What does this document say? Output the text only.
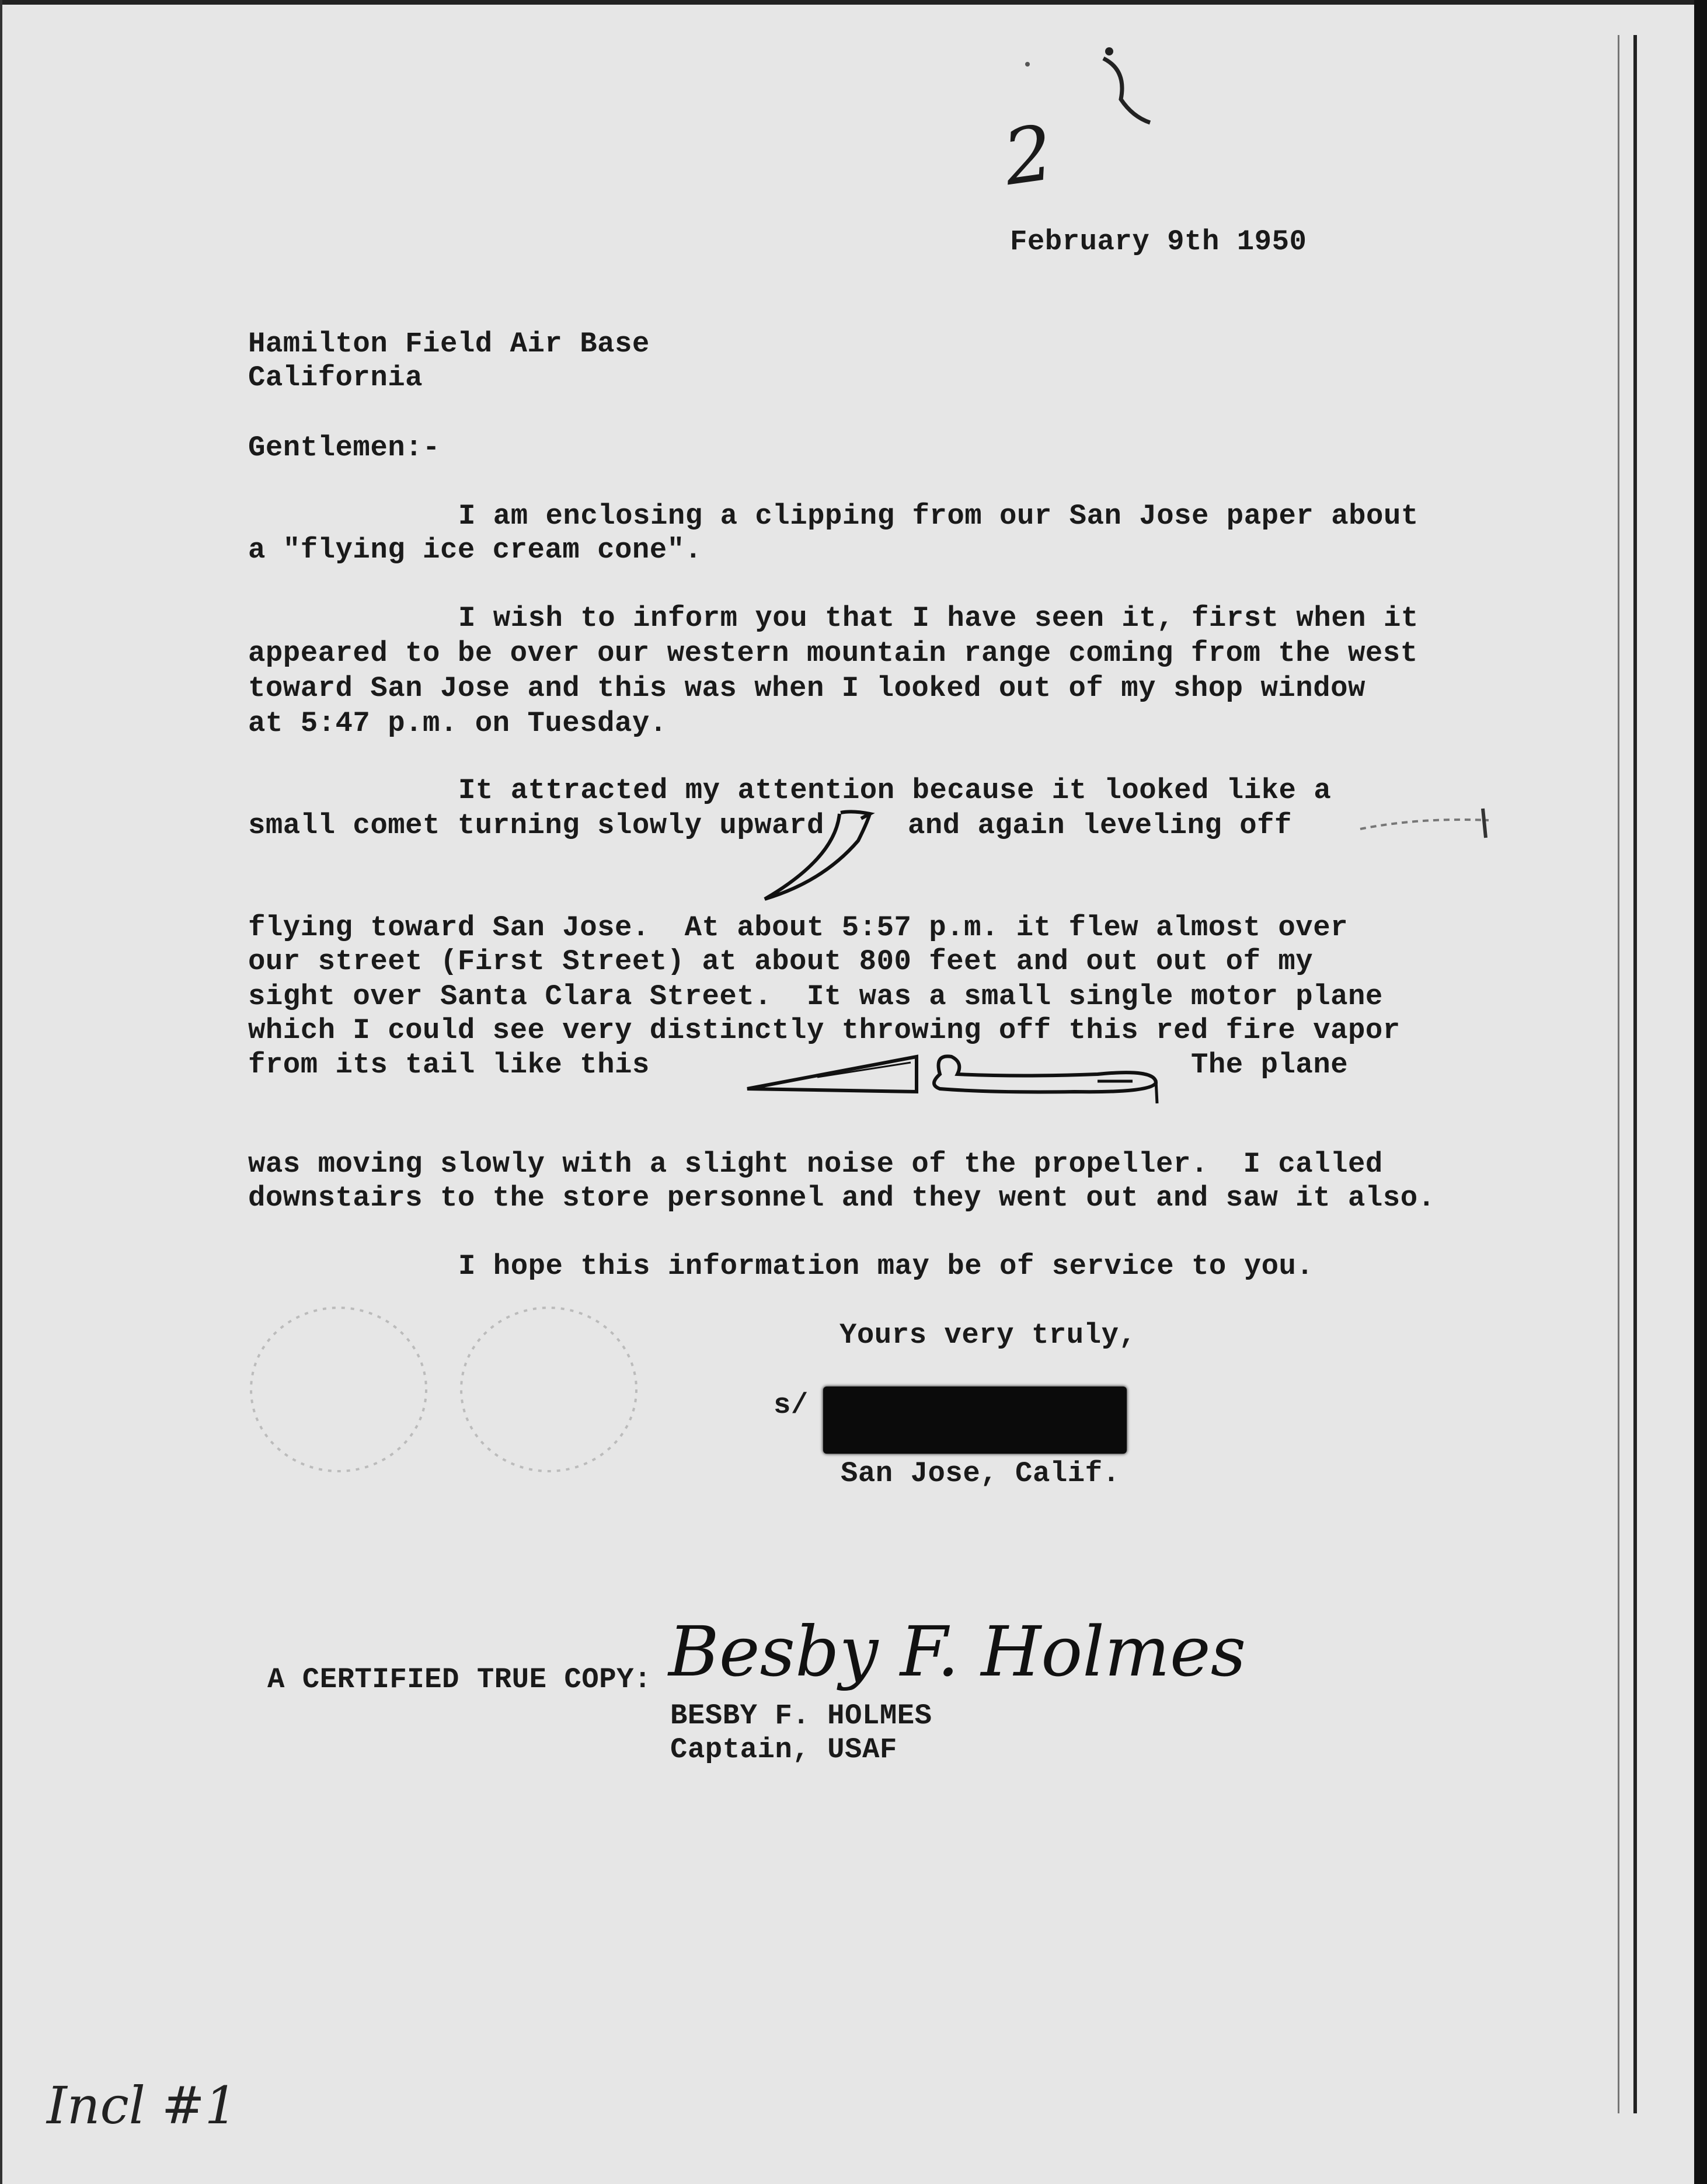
2
February 9th 1950
Hamilton Field Air Base
California
Gentlemen:-
I am enclosing a clipping from our San Jose paper about
a "flying ice cream cone".
I wish to inform you that I have seen it, first when it
appeared to be over our western mountain range coming from the west
toward San Jose and this was when I looked out of my shop window
at 5:47 p.m. on Tuesday.
It attracted my attention because it looked like a
small comet turning slowly upward	and again leveling off
flying toward San Jose.  At about 5:57 p.m. it flew almost over
our street (First Street) at about 800 feet and out out of my
sight over Santa Clara Street.  It was a small single motor plane
which I could see very distinctly throwing off this red fire vapor
from its tail like this	The plane
was moving slowly with a slight noise of the propeller.  I called
downstairs to the store personnel and they went out and saw it also.
I hope this information may be of service to you.
Yours very truly,
s/
San Jose, Calif.
A CERTIFIED TRUE COPY: Besby F. Holmes
BESBY F. HOLMES
Captain, USAF
Incl #1
